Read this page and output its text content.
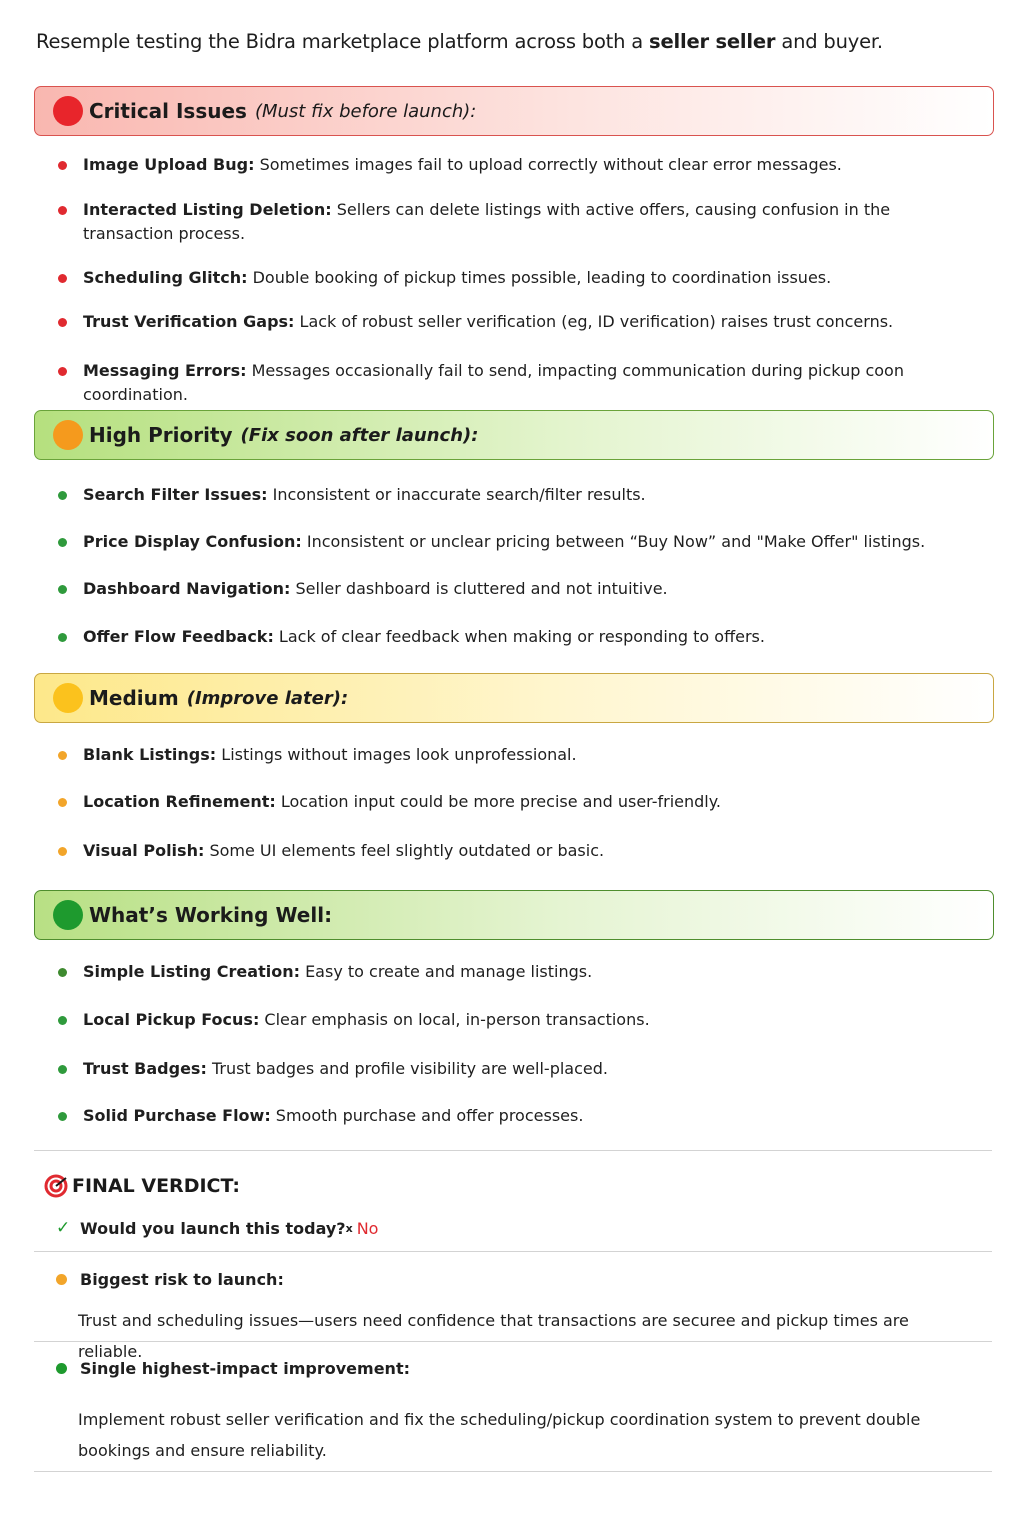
Resemple testing the Bidra marketplace platform across both a seller seller and buyer.
Critical Issues (Must fix before launch):
Image Upload Bug: Sometimes images fail to upload correctly without clear error messages.
Interacted Listing Deletion: Sellers can delete listings with active offers, causing confusion in the transaction process.
Scheduling Glitch: Double booking of pickup times possible, leading to coordination issues.
Trust Verification Gaps: Lack of robust seller verification (eg, ID verification) raises trust concerns.
Messaging Errors: Messages occasionally fail to send, impacting communication during pickup coon coordination.
High Priority (Fix soon after launch):
Search Filter Issues: Inconsistent or inaccurate search/filter results.
Price Display Confusion: Inconsistent or unclear pricing between “Buy Now” and "Make Offer" listings.
Dashboard Navigation: Seller dashboard is cluttered and not intuitive.
Offer Flow Feedback: Lack of clear feedback when making or responding to offers.
Medium (Improve later):
Blank Listings: Listings without images look unprofessional.
Location Refinement: Location input could be more precise and user-friendly.
Visual Polish: Some UI elements feel slightly outdated or basic.
What’s Working Well:
Simple Listing Creation: Easy to create and manage listings.
Local Pickup Focus: Clear emphasis on local, in-person transactions.
Trust Badges: Trust badges and profile visibility are well-placed.
Solid Purchase Flow: Smooth purchase and offer processes.
FINAL VERDICT:
✓ Would you launch this today? x No
Biggest risk to launch:
Trust and scheduling issues—users need confidence that transactions are securee and pickup times are reliable.
Single highest-impact improvement:
Implement robust seller verification and fix the scheduling/pickup coordination system to prevent double bookings and ensure reliability.
